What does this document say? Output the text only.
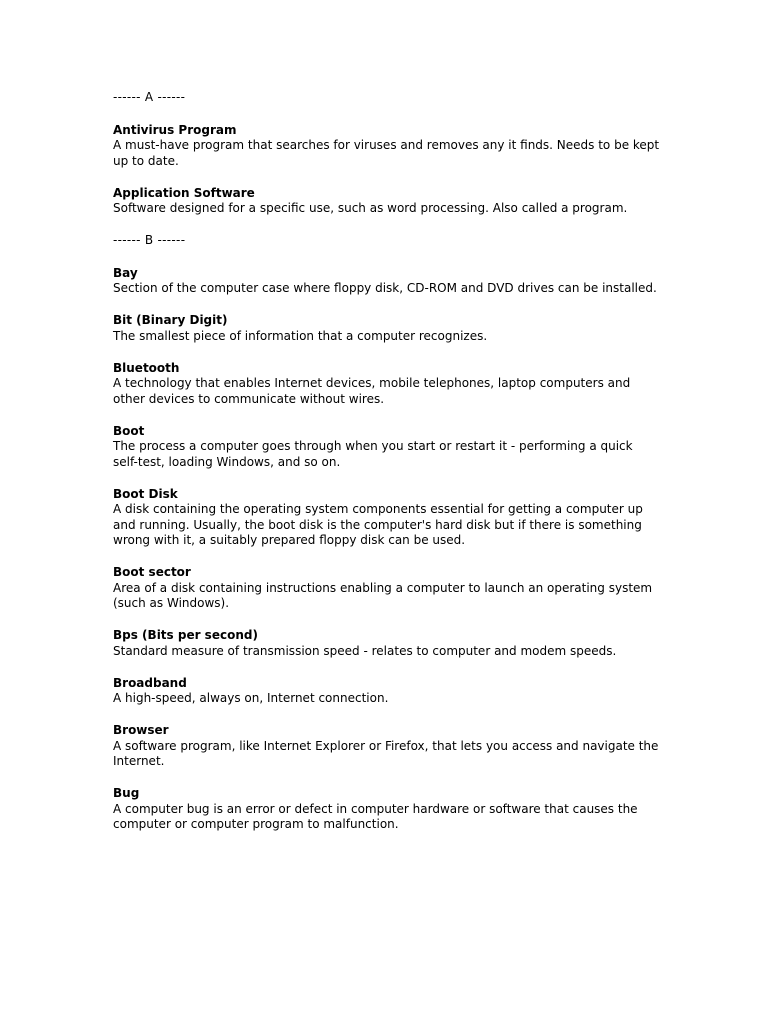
------ A ------
Antivirus Program
A must-have program that searches for viruses and removes any it finds. Needs to be kept up to date.
Application Software
Software designed for a specific use, such as word processing. Also called a program.
------ B ------
Bay
Section of the computer case where floppy disk, CD-ROM and DVD drives can be installed.
Bit (Binary Digit)
The smallest piece of information that a computer recognizes.
Bluetooth
A technology that enables Internet devices, mobile telephones, laptop computers and other devices to communicate without wires.
Boot
The process a computer goes through when you start or restart it - performing a quick self-test, loading Windows, and so on.
Boot Disk
A disk containing the operating system components essential for getting a computer up and running. Usually, the boot disk is the computer's hard disk but if there is something wrong with it, a suitably prepared floppy disk can be used.
Boot sector
Area of a disk containing instructions enabling a computer to launch an operating system (such as Windows).
Bps (Bits per second)
Standard measure of transmission speed - relates to computer and modem speeds.
Broadband
A high-speed, always on, Internet connection.
Browser
A software program, like Internet Explorer or Firefox, that lets you access and navigate the Internet.
Bug
A computer bug is an error or defect in computer hardware or software that causes the computer or computer program to malfunction.
